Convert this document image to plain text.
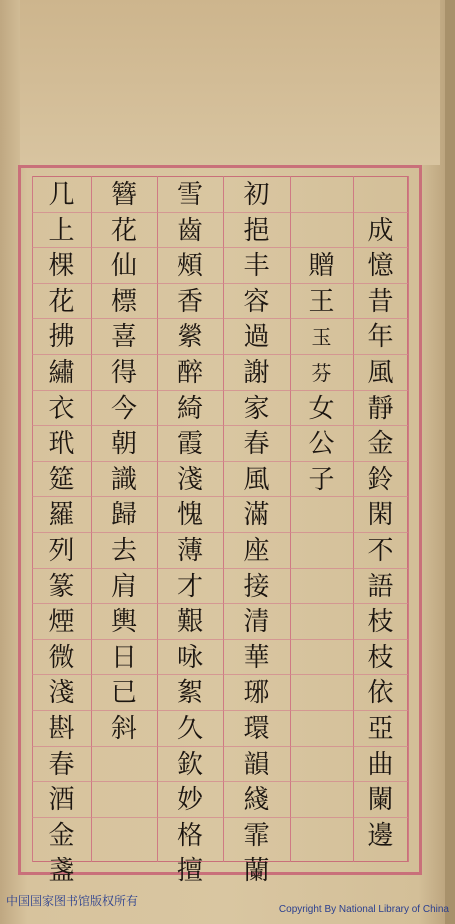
成
憶
昔
年
風
靜
金
鈴
閑
不
語
枝
枝
依
亞
曲
闌
邊
贈
王
玉
芬
女
公
子
初
挹
丰
容
過
謝
家
春
風
滿
座
接
清
華
琊
環
韻
綫
霏
蘭
雪
齒
頰
香
縈
醉
綺
霞
淺
愧
薄
才
艱
咏
絮
久
欽
妙
格
擅
簪
花
仙
標
喜
得
今
朝
識
歸
去
肩
輿
日
已
斜
几
上
棵
花
拂
繡
衣
玳
筵
羅
列
篆
煙
微
淺
斟
春
酒
金
盞
中国国家图书馆版权所有
Copyright By National Library of China
